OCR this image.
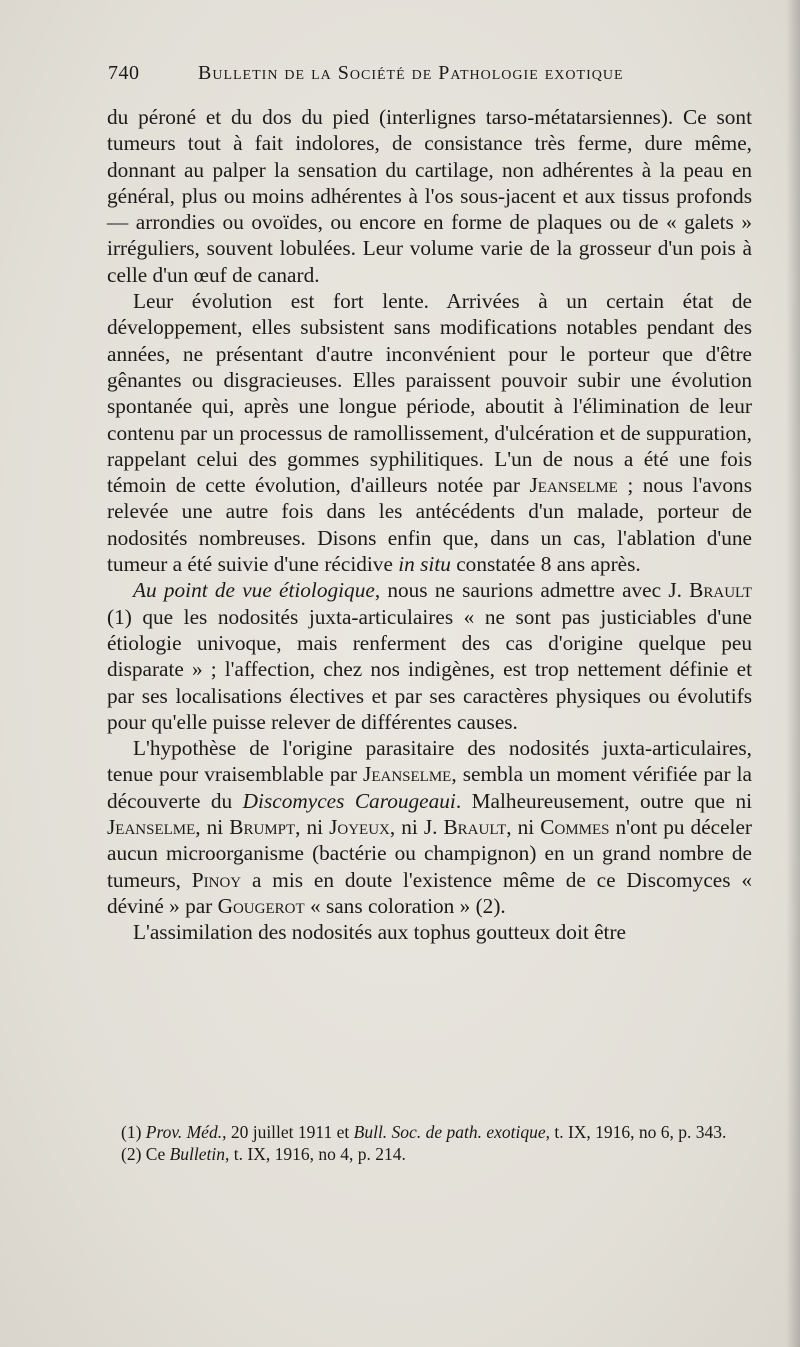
740	Bulletin de la Société de Pathologie exotique

du péroné et du dos du pied (interlignes tarso-métatarsiennes). Ce sont tumeurs tout à fait indolores, de consistance très ferme, dure même, donnant au palper la sensation du cartilage, non adhérentes à la peau en général, plus ou moins adhérentes à l'os sous-jacent et aux tissus profonds — arrondies ou ovoïdes, ou encore en forme de plaques ou de « galets » irréguliers, souvent lobulées. Leur volume varie de la grosseur d'un pois à celle d'un œuf de canard.

Leur évolution est fort lente. Arrivées à un certain état de développement, elles subsistent sans modifications notables pendant des années, ne présentant d'autre inconvénient pour le porteur que d'être gênantes ou disgracieuses. Elles paraissent pouvoir subir une évolution spontanée qui, après une longue période, aboutit à l'élimination de leur contenu par un processus de ramollissement, d'ulcération et de suppuration, rappelant celui des gommes syphilitiques. L'un de nous a été une fois témoin de cette évolution, d'ailleurs notée par Jeanselme ; nous l'avons relevée une autre fois dans les antécédents d'un malade, porteur de nodosités nombreuses. Disons enfin que, dans un cas, l'ablation d'une tumeur a été suivie d'une récidive in situ constatée 8 ans après.

Au point de vue étiologique, nous ne saurions admettre avec J. Brault (1) que les nodosités juxta-articulaires « ne sont pas justiciables d'une étiologie univoque, mais renferment des cas d'origine quelque peu disparate » ; l'affection, chez nos indigènes, est trop nettement définie et par ses localisations électives et par ses caractères physiques ou évolutifs pour qu'elle puisse relever de différentes causes.

L'hypothèse de l'origine parasitaire des nodosités juxta-articulaires, tenue pour vraisemblable par Jeanselme, sembla un moment vérifiée par la découverte du Discomyces Carougeaui. Malheureusement, outre que ni Jeanselme, ni Brumpt, ni Joyeux, ni J. Brault, ni Commes n'ont pu déceler aucun microorganisme (bactérie ou champignon) en un grand nombre de tumeurs, Pinoy a mis en doute l'existence même de ce Discomyces « déviné » par Gougerot « sans coloration » (2).

L'assimilation des nodosités aux tophus goutteux doit être

(1) Prov. Méd., 20 juillet 1911 et Bull. Soc. de path. exotique, t. IX, 1916, no 6, p. 343.

(2) Ce Bulletin, t. IX, 1916, no 4, p. 214.
